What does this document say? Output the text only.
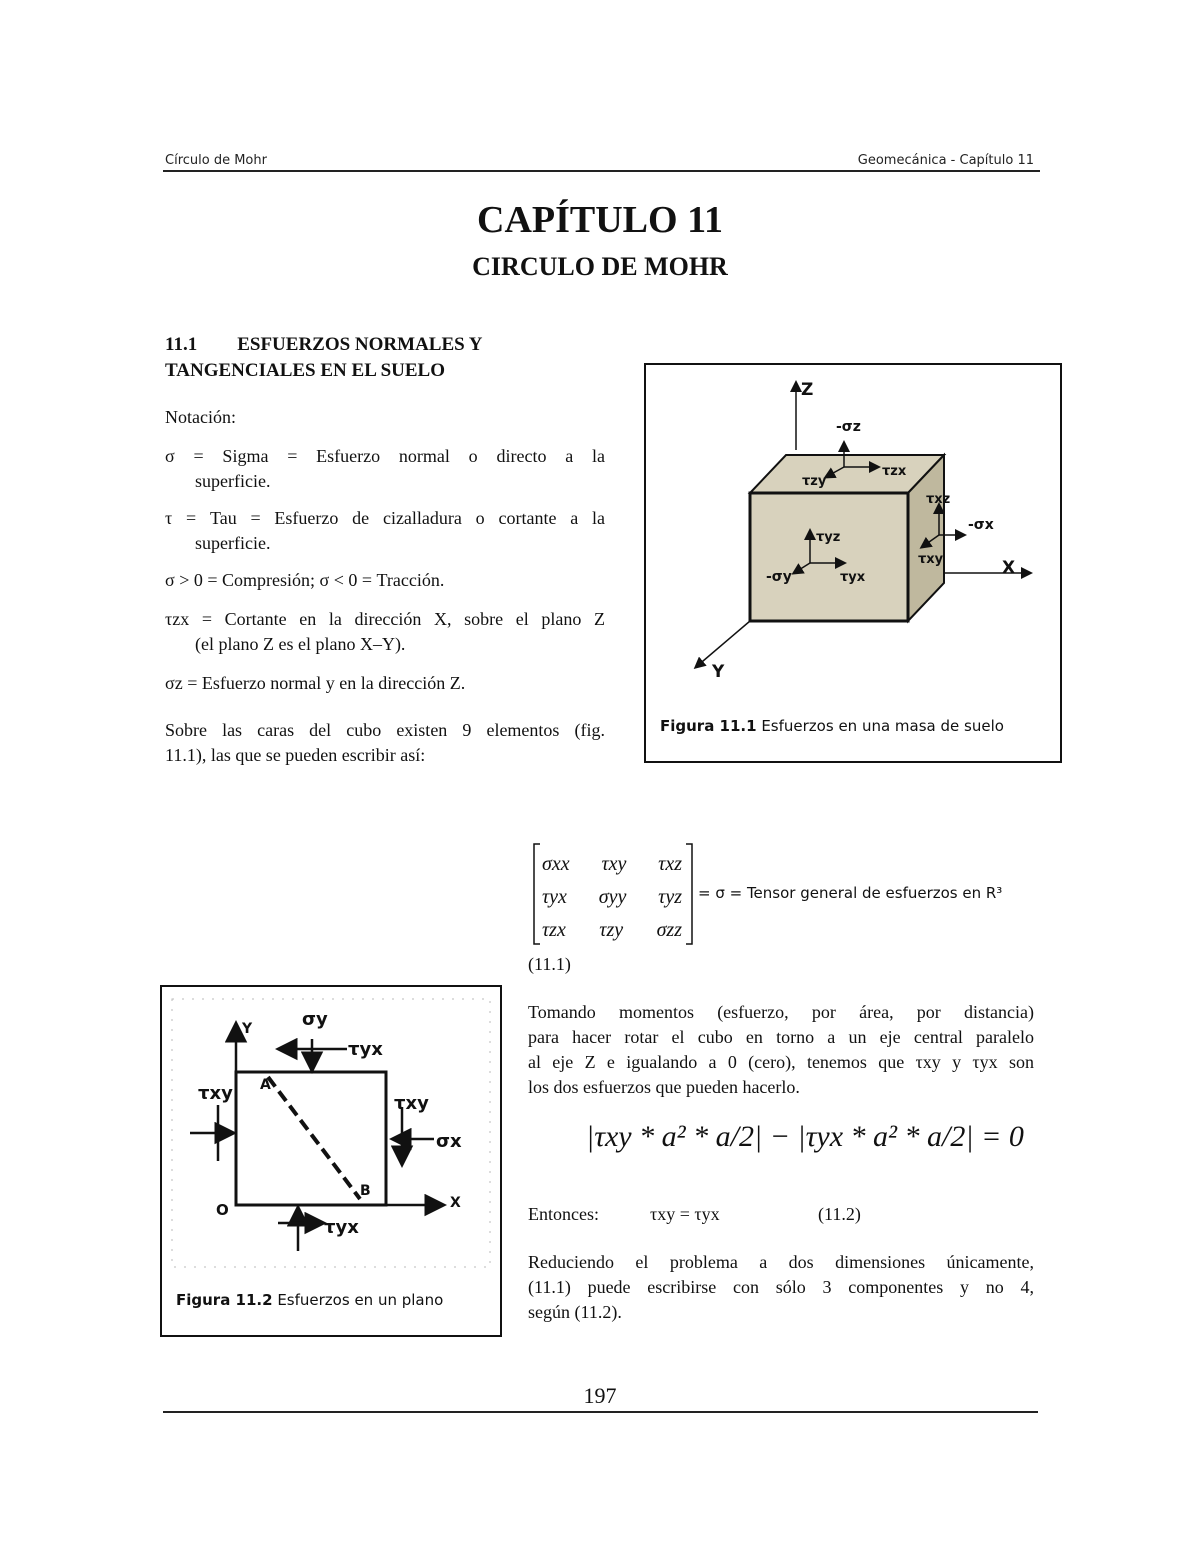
Círculo de Mohr	Geomecánica - Capítulo 11
CAPÍTULO 11
CIRCULO DE MOHR
11.1 ESFUERZOS NORMALES Y
TANGENCIALES EN EL SUELO
Notación:
σ = Sigma = Esfuerzo normal o directo a la
superficie.
τ = Tau = Esfuerzo de cizalladura o cortante a la
superficie.
σ > 0 = Compresión; σ < 0 = Tracción.
τzx = Cortante en la dirección X, sobre el plano Z
(el plano Z es el plano X–Y).
σz = Esfuerzo normal y en la dirección Z.
Sobre las caras del cubo existen 9 elementos (fig.
11.1), las que se pueden escribir así:
Z
X
Y
-σz
τzy
τzx
τxz
-σx
τxy
τyz
-σy	τyx
Figura 11.1 Esfuerzos en una masa de suelo
σxx τxy τxz
τyx σyy τyz
τzx τzy σzz
= σ = Tensor general de esfuerzos en R³
(11.1)
Y
X
O
A
B
σy
τyx
τxy	τxy
σx
τyx
Figura 11.2 Esfuerzos en un plano
Tomando momentos (esfuerzo, por área, por distancia)
para hacer rotar el cubo en torno a un eje central paralelo
al eje Z e igualando a 0 (cero), tenemos que τxy y τyx son
los dos esfuerzos que pueden hacerlo.
|τxy * a² * a/2| − |τyx * a² * a/2| = 0
Entonces:	τxy = τyx	(11.2)
Reduciendo el problema a dos dimensiones únicamente,
(11.1) puede escribirse con sólo 3 componentes y no 4,
según (11.2).
197
